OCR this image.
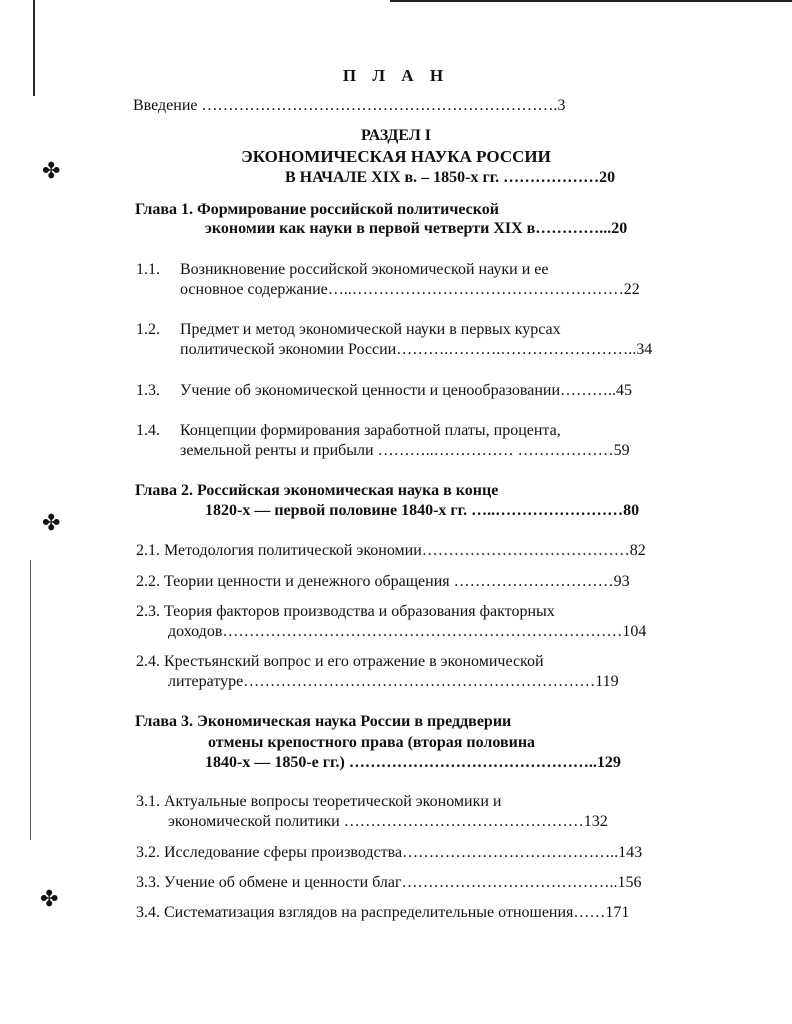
✤
✤
✤
П Л А Н
Введение ………………………………………………………….3
РАЗДЕЛ I
ЭКОНОМИЧЕСКАЯ НАУКА РОССИИ
В НАЧАЛЕ XIX в. – 1850-х гг. ………………20
Глава 1. Формирование российской политической
экономии как науки в первой четверти XIX в…………...20
1.1. Возникновение российской экономической науки и ее
основное содержание…..……………………………………………22
1.2. Предмет и метод экономической науки в первых курсах
политической экономии России……….……….……………………..34
1.3. Учение об экономической ценности и ценообразовании………..45
1.4. Концепции формирования заработной платы, процента,
земельной ренты и прибыли ………..…………… ………………59
Глава 2. Российская экономическая наука в конце
1820-х — первой половине 1840-х гг. …..……………………80
2.1. Методология политической экономии…………………………………82
2.2. Теории ценности и денежного обращения …………………………93
2.3. Теория факторов производства и образования факторных
доходов…………………………………………………………………104
2.4. Крестьянский вопрос и его отражение в экономической
литературе…………………………………………………………119
Глава 3. Экономическая наука России в преддверии
отмены крепостного права (вторая половина
1840-х — 1850-е гг.) ………………………………………..129
3.1. Актуальные вопросы теоретической экономики и
экономической политики ………………………………………132
3.2. Исследование сферы производства…………………………………..143
3.3. Учение об обмене и ценности благ…………………………………..156
3.4. Систематизация взглядов на распределительные отношения……171
